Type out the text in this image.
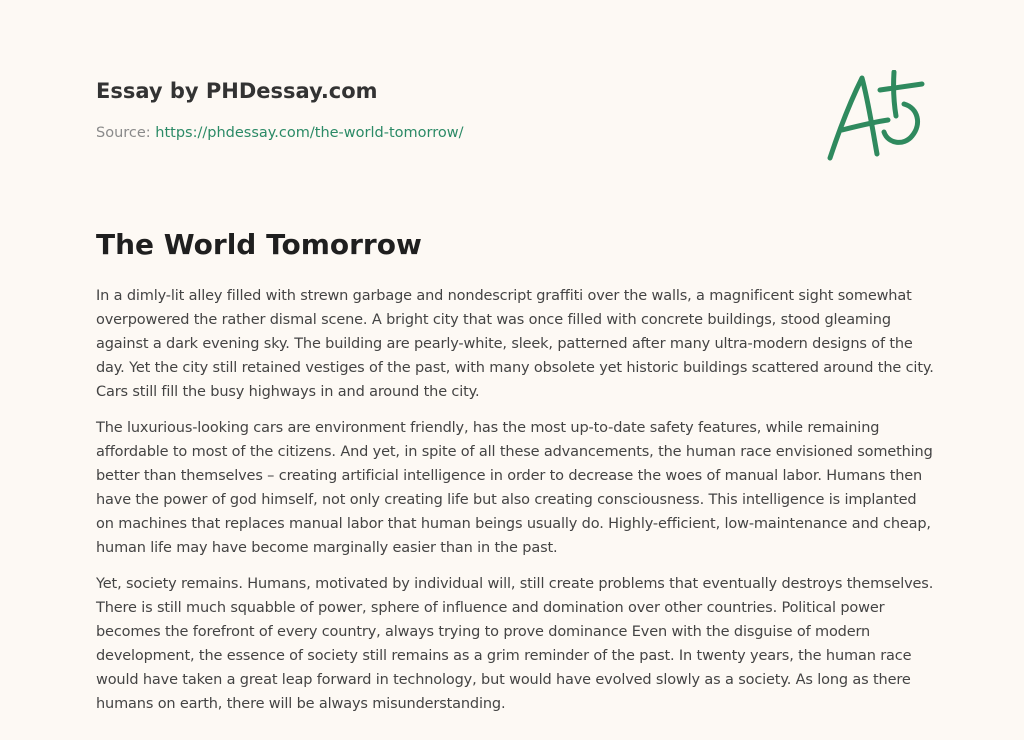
Essay by PHDessay.com
Source: https://phdessay.com/the-world-tomorrow/
The World Tomorrow

In a dimly-lit alley filled with strewn garbage and nondescript graffiti over the walls, a magnificent sight somewhat overpowered the rather dismal scene. A bright city that was once filled with concrete buildings, stood gleaming against a dark evening sky. The building are pearly-white, sleek, patterned after many ultra-modern designs of the day. Yet the city still retained vestiges of the past, with many obsolete yet historic buildings scattered around the city. Cars still fill the busy highways in and around the city.

The luxurious-looking cars are environment friendly, has the most up-to-date safety features, while remaining affordable to most of the citizens. And yet, in spite of all these advancements, the human race envisioned something better than themselves – creating artificial intelligence in order to decrease the woes of manual labor. Humans then have the power of god himself, not only creating life but also creating consciousness. This intelligence is implanted on machines that replaces manual labor that human beings usually do. Highly-efficient, low-maintenance and cheap, human life may have become marginally easier than in the past.

Yet, society remains. Humans, motivated by individual will, still create problems that eventually destroys themselves. There is still much squabble of power, sphere of influence and domination over other countries. Political power becomes the forefront of every country, always trying to prove dominance Even with the disguise of modern development, the essence of society still remains as a grim reminder of the past. In twenty years, the human race would have taken a great leap forward in technology, but would have evolved slowly as a society. As long as there humans on earth, there will be always misunderstanding.
